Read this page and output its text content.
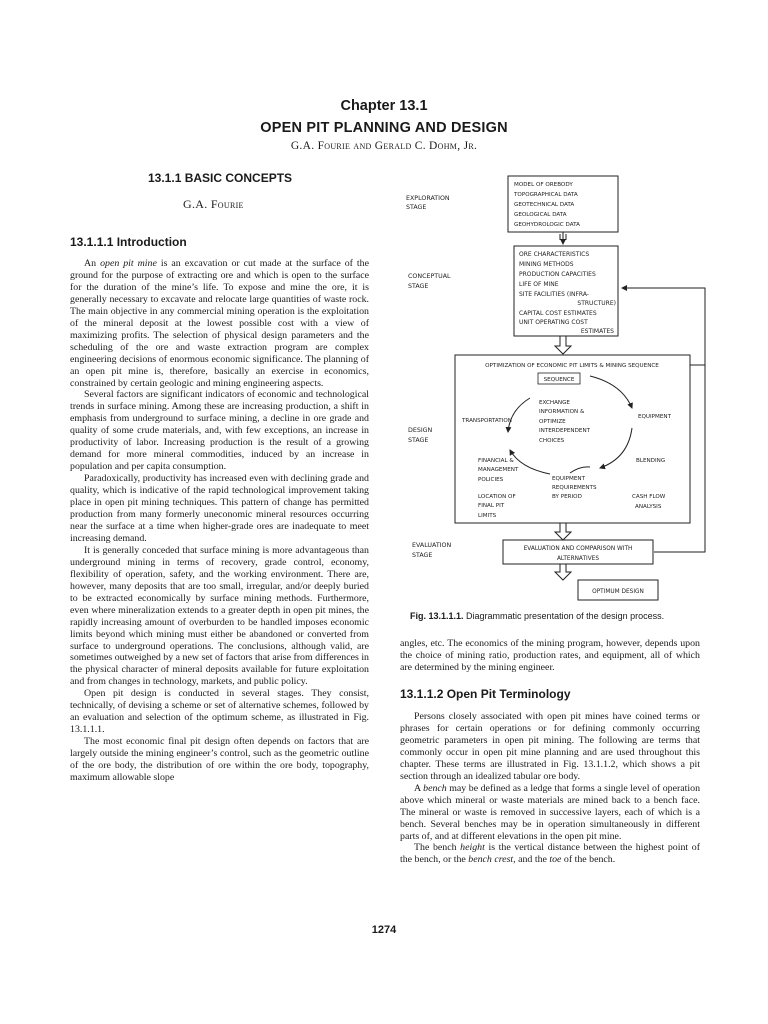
Chapter 13.1
OPEN PIT PLANNING AND DESIGN
G.A. Fourie and Gerald C. Dohm, Jr.
13.1.1 BASIC CONCEPTS
G.A. Fourie
13.1.1.1 Introduction

An open pit mine is an excavation or cut made at the surface of the ground for the purpose of extracting ore and which is open to the surface for the duration of the mine’s life. To expose and mine the ore, it is generally necessary to excavate and relocate large quantities of waste rock. The main objective in any commercial mining operation is the exploitation of the mineral deposit at the lowest possible cost with a view of maximizing profits. The selection of physical design parameters and the scheduling of the ore and waste extraction program are complex engineering decisions of enormous economic significance. The planning of an open pit mine is, therefore, basically an exercise in economics, constrained by certain geologic and mining engineering aspects.

Several factors are significant indicators of economic and technological trends in surface mining. Among these are increasing production, a shift in emphasis from underground to surface mining, a decline in ore grade and quality of some crude materials, and, with few exceptions, an increase in productivity of labor. Increasing production is the result of a growing demand for more mineral commodities, induced by an increase in population and per capita consumption.

Paradoxically, productivity has increased even with declining grade and quality, which is indicative of the rapid technological improvement taking place in open pit mining techniques. This pattern of change has permitted production from many formerly uneconomic mineral resources occurring near the surface at a time when higher-grade ores are inadequate to meet increasing demand.

It is generally conceded that surface mining is more advantageous than underground mining in terms of recovery, grade control, economy, flexibility of operation, safety, and the working environment. There are, however, many deposits that are too small, irregular, and/or deeply buried to be extracted economically by surface mining methods. Furthermore, even where mineralization extends to a greater depth in open pit mines, the rapidly increasing amount of overburden to be handled imposes economic limits beyond which mining must either be abandoned or converted from surface to underground operations. The conclusions, although valid, are sometimes outweighed by a new set of factors that arise from differences in the physical character of mineral deposits available for future exploitation and from changes in technology, markets, and public policy.

Open pit design is conducted in several stages. They consist, technically, of devising a scheme or set of alternative schemes, followed by an evaluation and selection of the optimum scheme, as illustrated in Fig. 13.1.1.1.

The most economic final pit design often depends on factors that are largely outside the mining engineer’s control, such as the geometric outline of the ore body, the distribution of ore within the ore body, topography, maximum allowable slope

angles, etc. The economics of the mining program, however, depends upon the choice of mining ratio, production rates, and equipment, all of which are determined by the mining engineer.

13.1.1.2 Open Pit Terminology

Persons closely associated with open pit mines have coined terms or phrases for certain operations or for defining commonly occurring geometric parameters in open pit mining. The following are terms that commonly occur in open pit mine planning and are used throughout this chapter. These terms are illustrated in Fig. 13.1.1.2, which shows a pit section through an idealized tabular ore body.

A bench may be defined as a ledge that forms a single level of operation above which mineral or waste materials are mined back to a bench face. The mineral or waste is removed in successive layers, each of which is a bench. Several benches may be in operation simultaneously in different parts of, and at different elevations in the open pit mine.

The bench height is the vertical distance between the highest point of the bench, or the bench crest, and the toe of the bench.

EXPLORATION
STAGE
CONCEPTUAL
STAGE
DESIGN
STAGE
EVALUATION
STAGE
MODEL OF OREBODY
TOPOGRAPHICAL DATA
GEOTECHNICAL DATA
GEOLOGICAL DATA
GEOHYDROLOGIC DATA
ORE CHARACTERISTICS
MINING METHODS
PRODUCTION CAPACITIES
LIFE OF MINE
SITE FACILITIES (INFRA-
STRUCTURE)
CAPITAL COST ESTIMATES
UNIT OPERATING COST
ESTIMATES
OPTIMIZATION OF ECONOMIC PIT LIMITS & MINING SEQUENCE
SEQUENCE
EXCHANGE
INFORMATION &
OPTIMIZE
INTERDEPENDENT
CHOICES
TRANSPORTATION
EQUIPMENT
FINANCIAL &
MANAGEMENT
POLICIES
BLENDING
EQUIPMENT
REQUIREMENTS
BY PERIOD
LOCATION OF
FINAL PIT
LIMITS
CASH FLOW
ANALYSIS
EVALUATION AND COMPARISON WITH
ALTERNATIVES
OPTIMUM DESIGN
Fig. 13.1.1.1. Diagrammatic presentation of the design process.
1274
